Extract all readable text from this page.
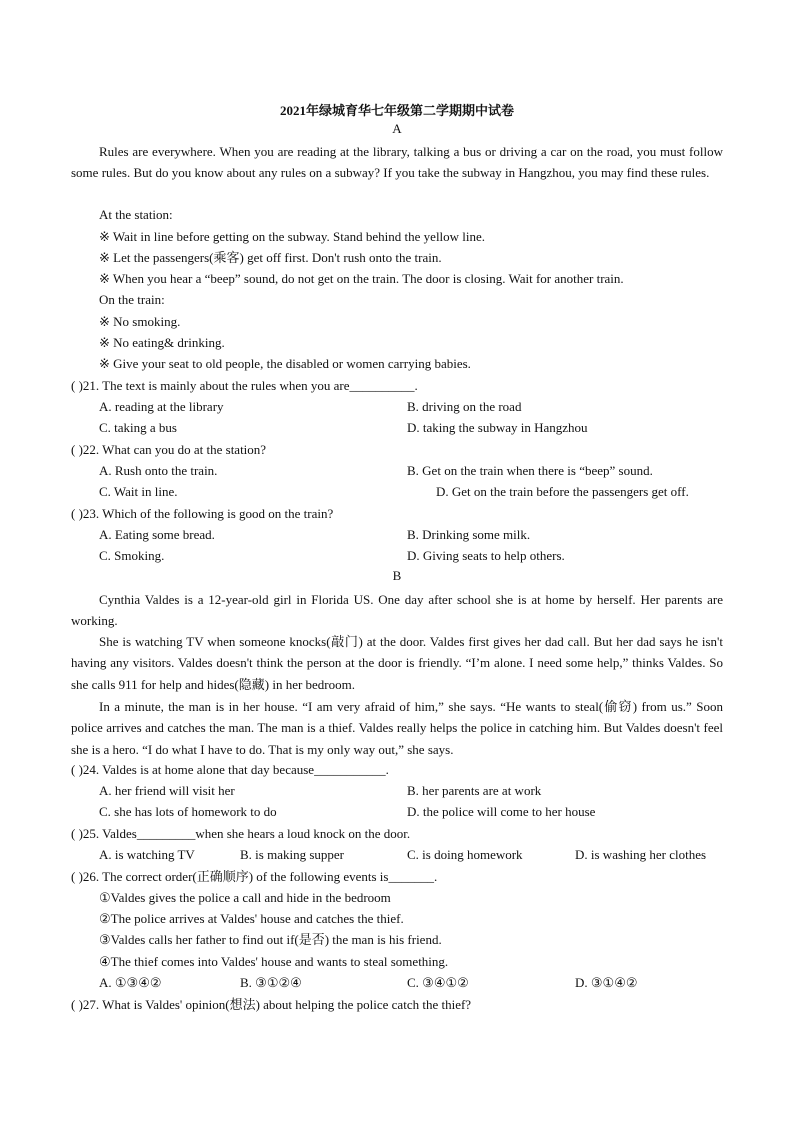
2021年绿城育华七年级第二学期期中试卷
A
Rules are everywhere. When you are reading at the library, talking a bus or driving a car on the road, you must follow some rules. But do you know about any rules on a subway? If you take the subway in Hangzhou, you may find these rules.
At the station:
※ Wait in line before getting on the subway. Stand behind the yellow line.
※ Let the passengers(乘客) get off first. Don't rush onto the train.
※ When you hear a “beep” sound, do not get on the train. The door is closing. Wait for another train.
On the train:
※ No smoking.
※ No eating& drinking.
※ Give your seat to old people, the disabled or women carrying babies.
( )21. The text is mainly about the rules when you are__________.
A. reading at the library	B. driving on the road
C. taking a bus	D. taking the subway in Hangzhou
( )22. What can you do at the station?
A. Rush onto the train.	B. Get on the train when there is “beep” sound.
C. Wait in line.	D. Get on the train before the passengers get off.
( )23. Which of the following is good on the train?
A. Eating some bread.	B. Drinking some milk.
C. Smoking.	D. Giving seats to help others.
B
Cynthia Valdes is a 12-year-old girl in Florida US. One day after school she is at home by herself. Her parents are working.
She is watching TV when someone knocks(敲门) at the door. Valdes first gives her dad call. But her dad says he isn't having any visitors. Valdes doesn't think the person at the door is friendly. “I’m alone. I need some help,” thinks Valdes. So she calls 911 for help and hides(隐藏) in her bedroom.
In a minute, the man is in her house. “I am very afraid of him,” she says. “He wants to steal(偷窃) from us.” Soon police arrives and catches the man. The man is a thief. Valdes really helps the police in catching him. But Valdes doesn't feel she is a hero. “I do what I have to do. That is my only way out,” she says.
( )24. Valdes is at home alone that day because___________.
A. her friend will visit her	B. her parents are at work
C. she has lots of homework to do	D. the police will come to her house
( )25. Valdes_________when she hears a loud knock on the door.
A. is watching TV	B. is making supper	C. is doing homework	D. is washing her clothes
( )26. The correct order(正确顺序) of the following events is_______.
①Valdes gives the police a call and hide in the bedroom
②The police arrives at Valdes' house and catches the thief.
③Valdes calls her father to find out if(是否) the man is his friend.
④The thief comes into Valdes' house and wants to steal something.
A. ①③④②	B. ③①②④	C. ③④①②	D. ③①④②
( )27. What is Valdes' opinion(想法) about helping the police catch the thief?
